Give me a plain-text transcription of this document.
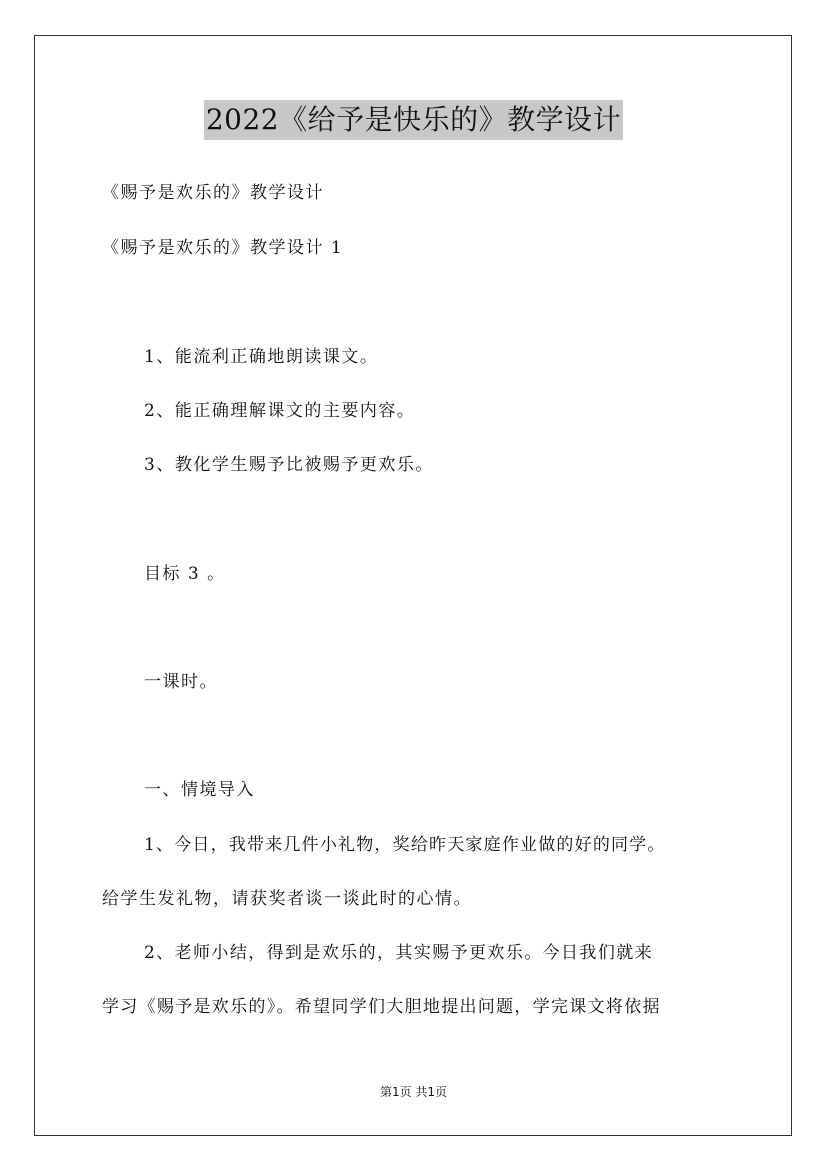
2022《给予是快乐的》教学设计
《赐予是欢乐的》教学设计
《赐予是欢乐的》教学设计 1
1、能流利正确地朗读课文。
2、能正确理解课文的主要内容。
3、教化学生赐予比被赐予更欢乐。
目标 3 。
一课时。
一、情境导入
1、今日，我带来几件小礼物，奖给昨天家庭作业做的好的同学。
给学生发礼物，请获奖者谈一谈此时的心情。
2、老师小结，得到是欢乐的，其实赐予更欢乐。今日我们就来
学习《赐予是欢乐的》。希望同学们大胆地提出问题，学完课文将依据
第1页 共1页
